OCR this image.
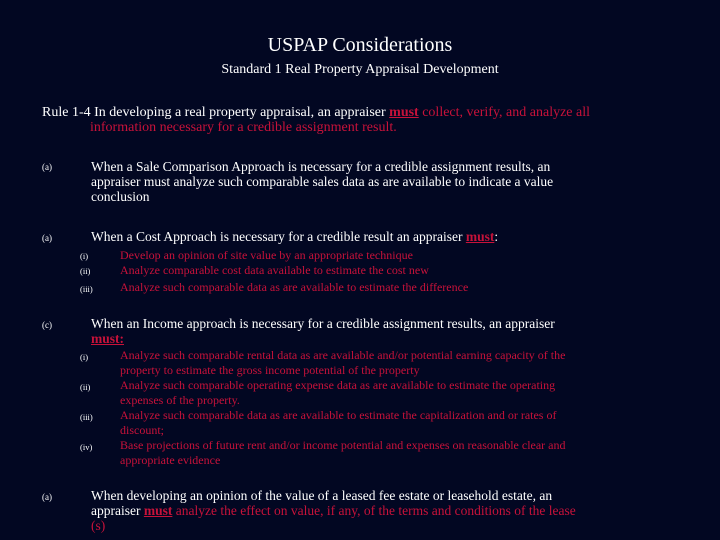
USPAP Considerations
Standard 1 Real Property Appraisal Development
Rule 1-4 In developing a real property appraisal, an appraiser must collect, verify, and analyze all
information necessary for a credible assignment result.
(a)	When a Sale Comparison Approach is necessary for a credible assignment results, an
appraiser must analyze such comparable sales data as are available to indicate a value
conclusion
(a)	When a Cost Approach is necessary for a credible result an appraiser must:
(i)	Develop an opinion of site value by an appropriate technique
(ii) Analyze comparable cost data available to estimate the cost new
(iii) Analyze such comparable data as are available to estimate the difference
(c)	When an Income approach is necessary for a credible assignment results, an appraiser
must:
(i)	Analyze such comparable rental data as are available and/or potential earning capacity of the
property to estimate the gross income potential of the property
(ii) Analyze such comparable operating expense data as are available to estimate the operating
expenses of the property.
(iii) Analyze such comparable data as are available to estimate the capitalization and or rates of
discount;
(iv) Base projections of future rent and/or income potential and expenses on reasonable clear and
appropriate evidence
(a)	When developing an opinion of the value of a leased fee estate or leasehold estate, an
appraiser must analyze the effect on value, if any, of the terms and conditions of the lease
(s)
